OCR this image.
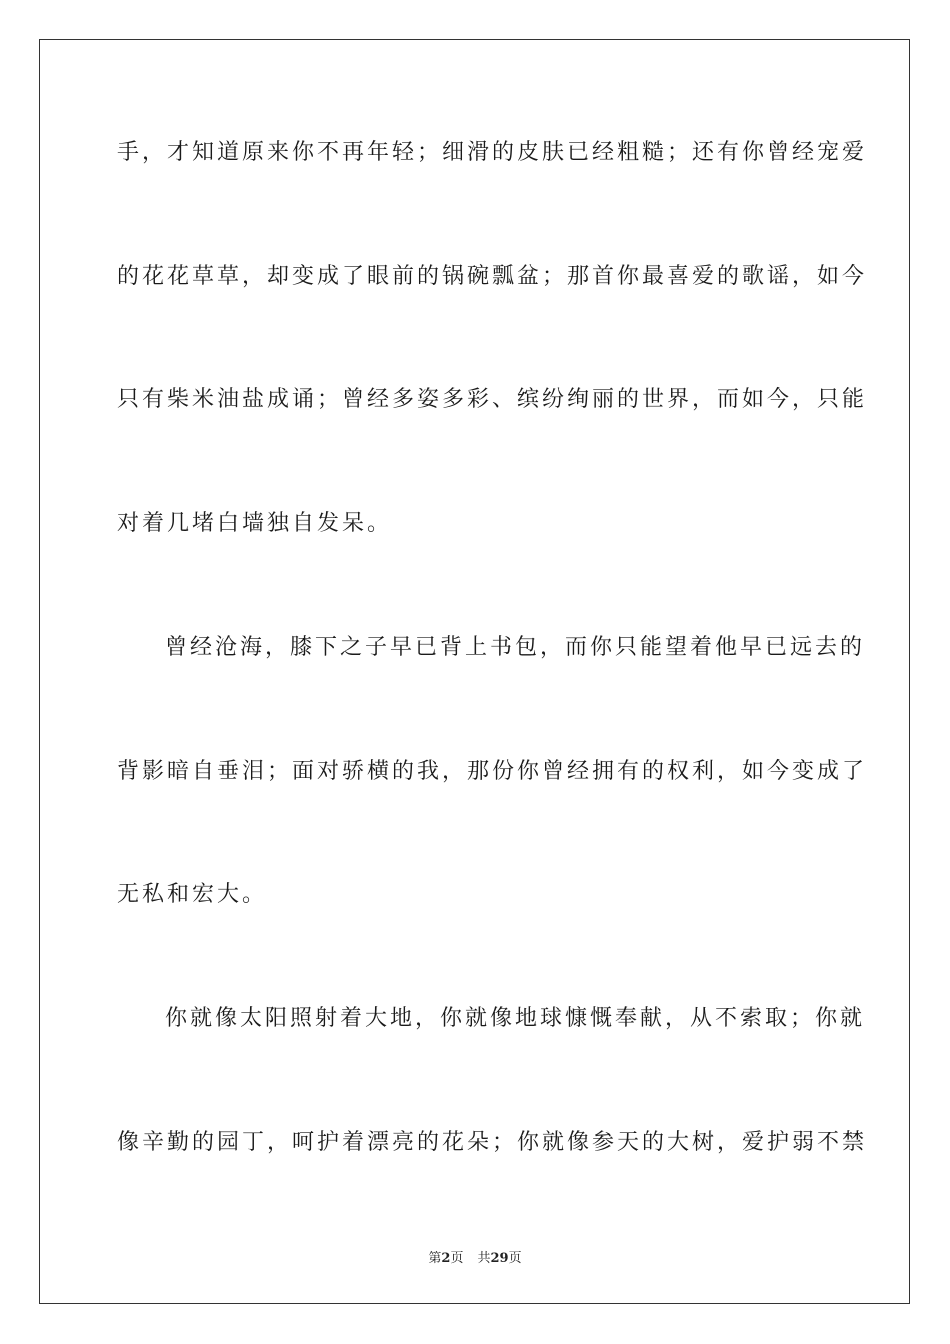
手，才知道原来你不再年轻；细滑的皮肤已经粗糙；还有你曾经宠爱
的花花草草，却变成了眼前的锅碗瓢盆；那首你最喜爱的歌谣，如今
只有柴米油盐成诵；曾经多姿多彩、缤纷绚丽的世界，而如今，只能
对着几堵白墙独自发呆。
曾经沧海，膝下之子早已背上书包，而你只能望着他早已远去的
背影暗自垂泪；面对骄横的我，那份你曾经拥有的权利，如今变成了
无私和宏大。
你就像太阳照射着大地，你就像地球慷慨奉献，从不索取；你就
像辛勤的园丁，呵护着漂亮的花朵；你就像参天的大树，爱护弱不禁
第2页 共29页
